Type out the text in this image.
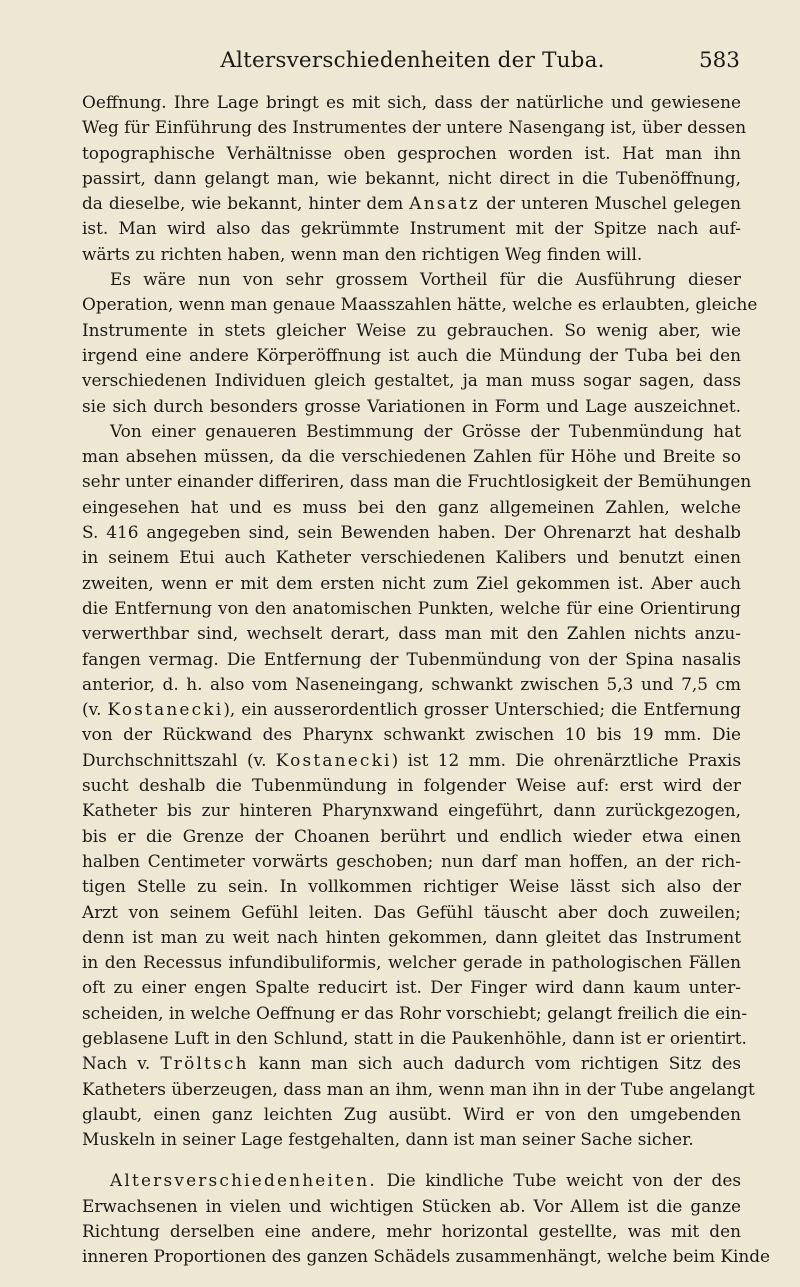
Altersverschiedenheiten der Tuba.	583
Oeffnung. Ihre Lage bringt es mit sich, dass der natürliche und gewiesene
Weg für Einführung des Instrumentes der untere Nasengang ist, über dessen
topographische Verhältnisse oben gesprochen worden ist. Hat man ihn
passirt, dann gelangt man, wie bekannt, nicht direct in die Tubenöffnung,
da dieselbe, wie bekannt, hinter dem Ansatz der unteren Muschel gelegen
ist. Man wird also das gekrümmte Instrument mit der Spitze nach auf-
wärts zu richten haben, wenn man den richtigen Weg finden will.
Es wäre nun von sehr grossem Vortheil für die Ausführung dieser
Operation, wenn man genaue Maasszahlen hätte, welche es erlaubten, gleiche
Instrumente in stets gleicher Weise zu gebrauchen. So wenig aber, wie
irgend eine andere Körperöffnung ist auch die Mündung der Tuba bei den
verschiedenen Individuen gleich gestaltet, ja man muss sogar sagen, dass
sie sich durch besonders grosse Variationen in Form und Lage auszeichnet.
Von einer genaueren Bestimmung der Grösse der Tubenmündung hat
man absehen müssen, da die verschiedenen Zahlen für Höhe und Breite so
sehr unter einander differiren, dass man die Fruchtlosigkeit der Bemühungen
eingesehen hat und es muss bei den ganz allgemeinen Zahlen, welche
S. 416 angegeben sind, sein Bewenden haben. Der Ohrenarzt hat deshalb
in seinem Etui auch Katheter verschiedenen Kalibers und benutzt einen
zweiten, wenn er mit dem ersten nicht zum Ziel gekommen ist. Aber auch
die Entfernung von den anatomischen Punkten, welche für eine Orientirung
verwerthbar sind, wechselt derart, dass man mit den Zahlen nichts anzu-
fangen vermag. Die Entfernung der Tubenmündung von der Spina nasalis
anterior, d. h. also vom Naseneingang, schwankt zwischen 5,3 und 7,5 cm
(v. Kostanecki), ein ausserordentlich grosser Unterschied; die Entfernung
von der Rückwand des Pharynx schwankt zwischen 10 bis 19 mm. Die
Durchschnittszahl (v. Kostanecki) ist 12 mm. Die ohrenärztliche Praxis
sucht deshalb die Tubenmündung in folgender Weise auf: erst wird der
Katheter bis zur hinteren Pharynxwand eingeführt, dann zurückgezogen,
bis er die Grenze der Choanen berührt und endlich wieder etwa einen
halben Centimeter vorwärts geschoben; nun darf man hoffen, an der rich-
tigen Stelle zu sein. In vollkommen richtiger Weise lässt sich also der
Arzt von seinem Gefühl leiten. Das Gefühl täuscht aber doch zuweilen;
denn ist man zu weit nach hinten gekommen, dann gleitet das Instrument
in den Recessus infundibuliformis, welcher gerade in pathologischen Fällen
oft zu einer engen Spalte reducirt ist. Der Finger wird dann kaum unter-
scheiden, in welche Oeffnung er das Rohr vorschiebt; gelangt freilich die ein-
geblasene Luft in den Schlund, statt in die Paukenhöhle, dann ist er orientirt.
Nach v. Tröltsch kann man sich auch dadurch vom richtigen Sitz des
Katheters überzeugen, dass man an ihm, wenn man ihn in der Tube angelangt
glaubt, einen ganz leichten Zug ausübt. Wird er von den umgebenden
Muskeln in seiner Lage festgehalten, dann ist man seiner Sache sicher.
Altersverschiedenheiten. Die kindliche Tube weicht von der des
Erwachsenen in vielen und wichtigen Stücken ab. Vor Allem ist die ganze
Richtung derselben eine andere, mehr horizontal gestellte, was mit den
inneren Proportionen des ganzen Schädels zusammenhängt, welche beim Kinde
